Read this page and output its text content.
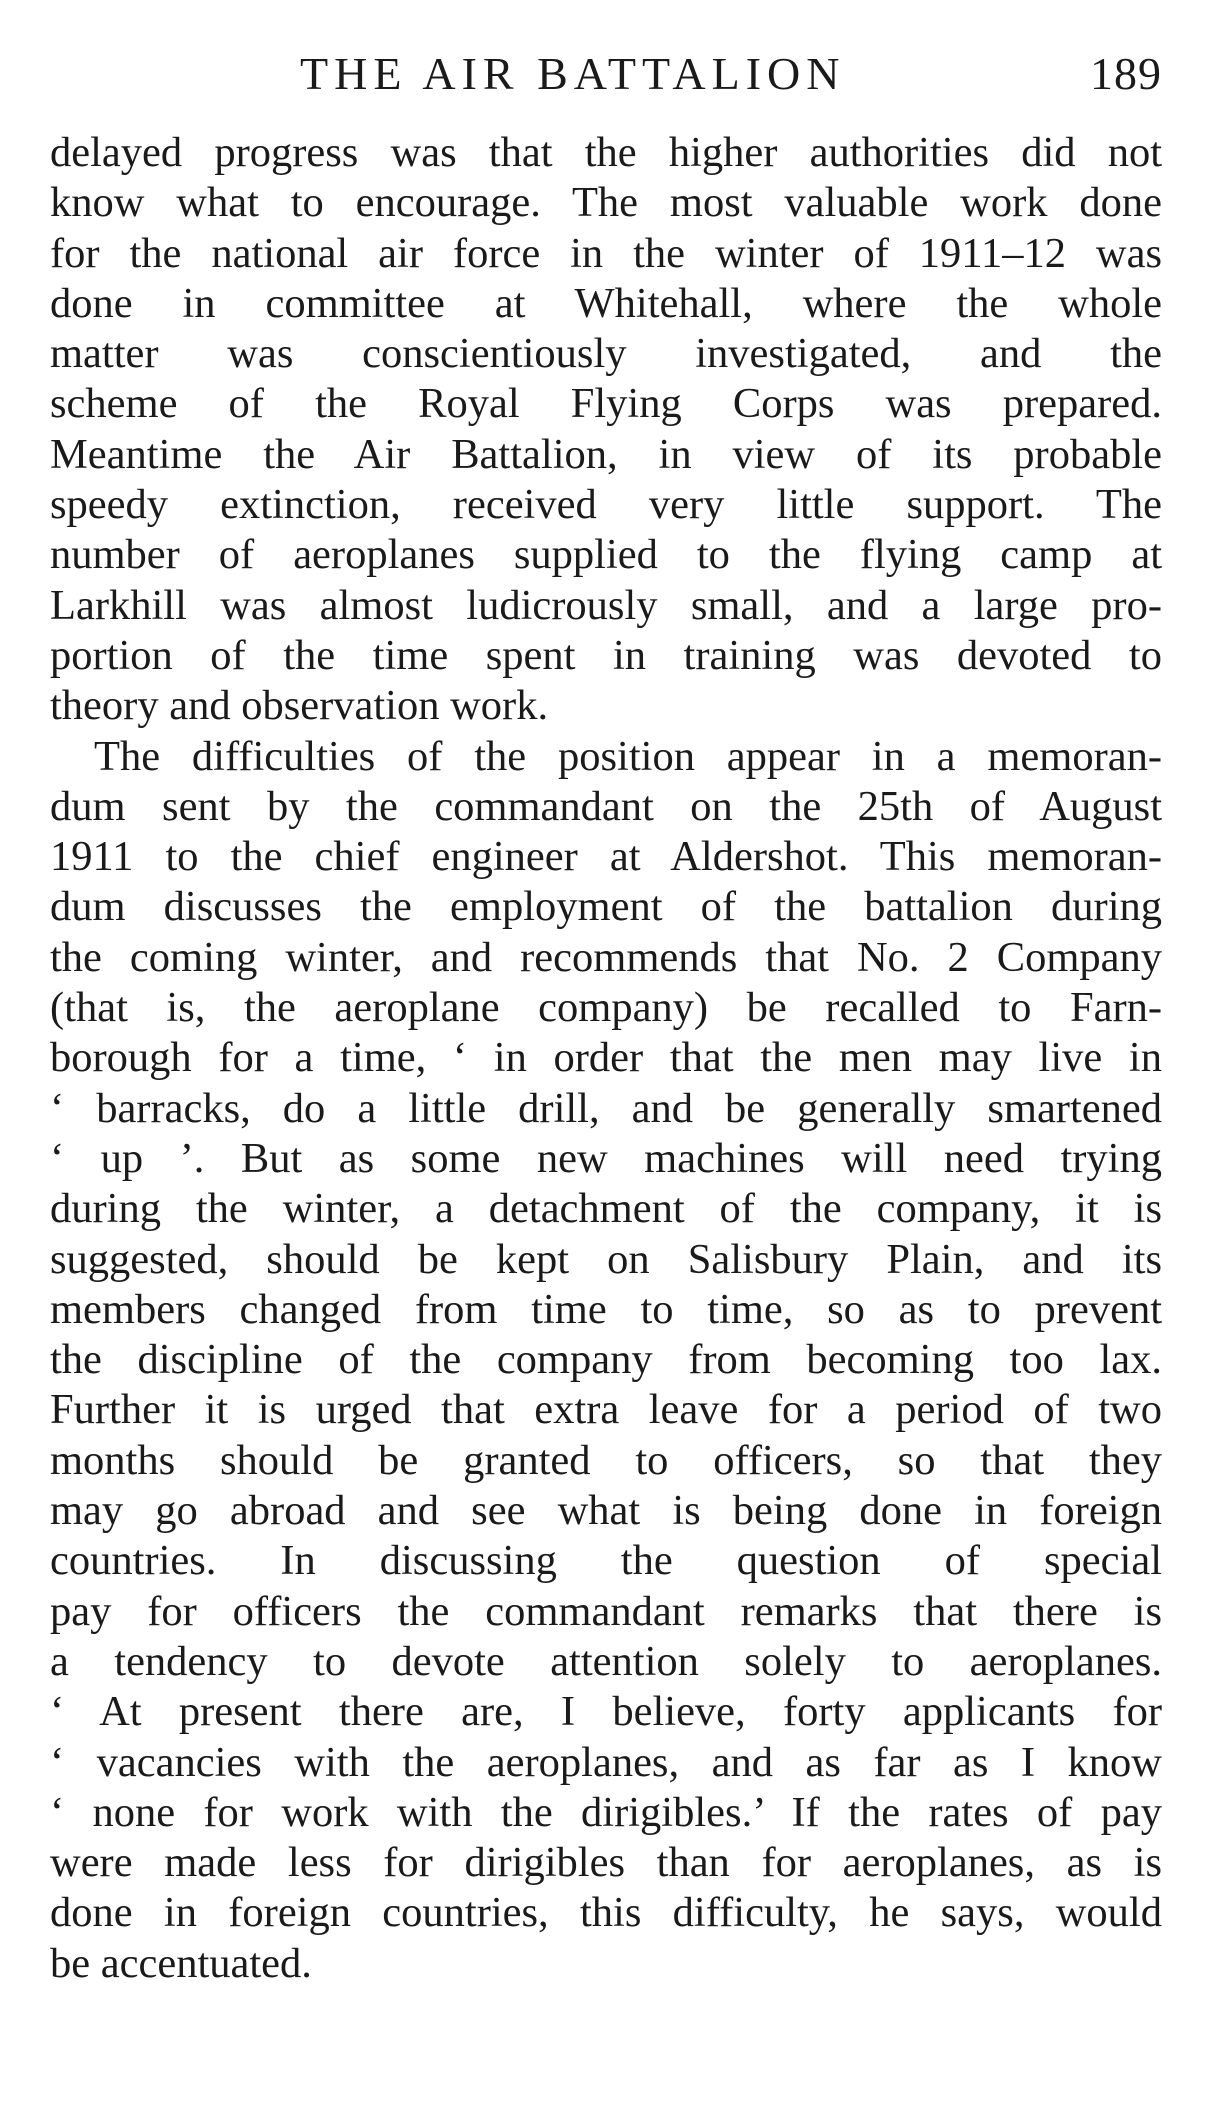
THE AIR BATTALION	189
delayed progress was that the higher authorities did not
know what to encourage. The most valuable work done
for the national air force in the winter of 1911–12 was
done in committee at Whitehall, where the whole
matter was conscientiously investigated, and the
scheme of the Royal Flying Corps was prepared.
Meantime the Air Battalion, in view of its probable
speedy extinction, received very little support. The
number of aeroplanes supplied to the flying camp at
Larkhill was almost ludicrously small, and a large pro-
portion of the time spent in training was devoted to
theory and observation work.
The difficulties of the position appear in a memoran-
dum sent by the commandant on the 25th of August
1911 to the chief engineer at Aldershot. This memoran-
dum discusses the employment of the battalion during
the coming winter, and recommends that No. 2 Company
(that is, the aeroplane company) be recalled to Farn-
borough for a time, ‘ in order that the men may live in
‘ barracks, do a little drill, and be generally smartened
‘ up ’. But as some new machines will need trying
during the winter, a detachment of the company, it is
suggested, should be kept on Salisbury Plain, and its
members changed from time to time, so as to prevent
the discipline of the company from becoming too lax.
Further it is urged that extra leave for a period of two
months should be granted to officers, so that they
may go abroad and see what is being done in foreign
countries. In discussing the question of special
pay for officers the commandant remarks that there is
a tendency to devote attention solely to aeroplanes.
‘ At present there are, I believe, forty applicants for
‘ vacancies with the aeroplanes, and as far as I know
‘ none for work with the dirigibles.’ If the rates of pay
were made less for dirigibles than for aeroplanes, as is
done in foreign countries, this difficulty, he says, would
be accentuated.
